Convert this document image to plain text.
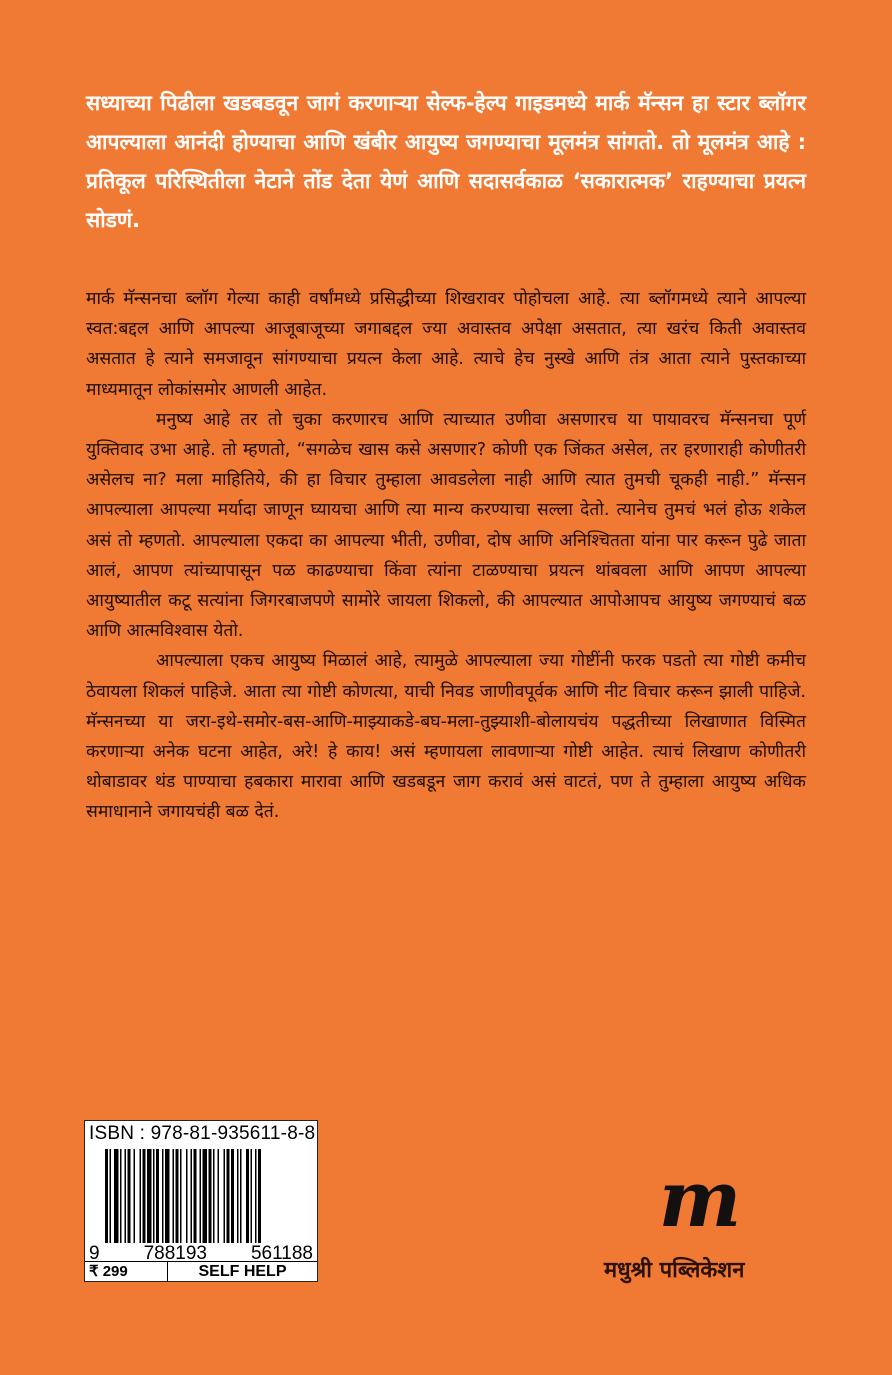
सध्याच्या पिढीला खडबडवून जागं करणाऱ्या सेल्फ-हेल्प गाइडमध्ये मार्क मॅन्सन हा स्टार ब्लॉगर आपल्याला आनंदी होण्याचा आणि खंबीर आयुष्य जगण्याचा मूलमंत्र सांगतो. तो मूलमंत्र आहे : प्रतिकूल परिस्थितीला नेटाने तोंड देता येणं आणि सदासर्वकाळ ‘सकारात्मक’ राहण्याचा प्रयत्न सोडणं.

मार्क मॅन्सनचा ब्लॉग गेल्या काही वर्षांमध्ये प्रसिद्धीच्या शिखरावर पोहोचला आहे. त्या ब्लॉगमध्ये त्याने आपल्या स्वत:बद्दल आणि आपल्या आजूबाजूच्या जगाबद्दल ज्या अवास्तव अपेक्षा असतात, त्या खरंच किती अवास्तव असतात हे त्याने समजावून सांगण्याचा प्रयत्न केला आहे. त्याचे हेच नुस्खे आणि तंत्र आता त्याने पुस्तकाच्या माध्यमातून लोकांसमोर आणली आहेत.

मनुष्य आहे तर तो चुका करणारच आणि त्याच्यात उणीवा असणारच या पायावरच मॅन्सनचा पूर्ण युक्तिवाद उभा आहे. तो म्हणतो, “सगळेच खास कसे असणार? कोणी एक जिंकत असेल, तर हरणाराही कोणीतरी असेलच ना? मला माहितिये, की हा विचार तुम्हाला आवडलेला नाही आणि त्यात तुमची चूकही नाही.” मॅन्सन आपल्याला आपल्या मर्यादा जाणून घ्यायचा आणि त्या मान्य करण्याचा सल्ला देतो. त्यानेच तुमचं भलं होऊ शकेल असं तो म्हणतो. आपल्याला एकदा का आपल्या भीती, उणीवा, दोष आणि अनिश्चितता यांना पार करून पुढे जाता आलं, आपण त्यांच्यापासून पळ काढण्याचा किंवा त्यांना टाळण्याचा प्रयत्न थांबवला आणि आपण आपल्या आयुष्यातील कटू सत्यांना जिगरबाजपणे सामोरे जायला शिकलो, की आपल्यात आपोआपच आयुष्य जगण्याचं बळ आणि आत्मविश्वास येतो.

आपल्याला एकच आयुष्य मिळालं आहे, त्यामुळे आपल्याला ज्या गोष्टींनी फरक पडतो त्या गोष्टी कमीच ठेवायला शिकलं पाहिजे. आता त्या गोष्टी कोणत्या, याची निवड जाणीवपूर्वक आणि नीट विचार करून झाली पाहिजे. मॅन्सनच्या या जरा-इथे-समोर-बस-आणि-माझ्याकडे-बघ-मला-तुझ्याशी-बोलायचंय पद्धतीच्या लिखाणात विस्मित करणाऱ्या अनेक घटना आहेत, अरे! हे काय! असं म्हणायला लावणाऱ्या गोष्टी आहेत. त्याचं लिखाण कोणीतरी थोबाडावर थंड पाण्याचा हबकारा मारावा आणि खडबडून जाग करावं असं वाटतं, पण ते तुम्हाला आयुष्य अधिक समाधानाने जगायचंही बळ देतं.

ISBN : 978-81-935611-8-8
9 788193 561188
₹ 299	SELF HELP
m
मधुश्री पब्लिकेशन
